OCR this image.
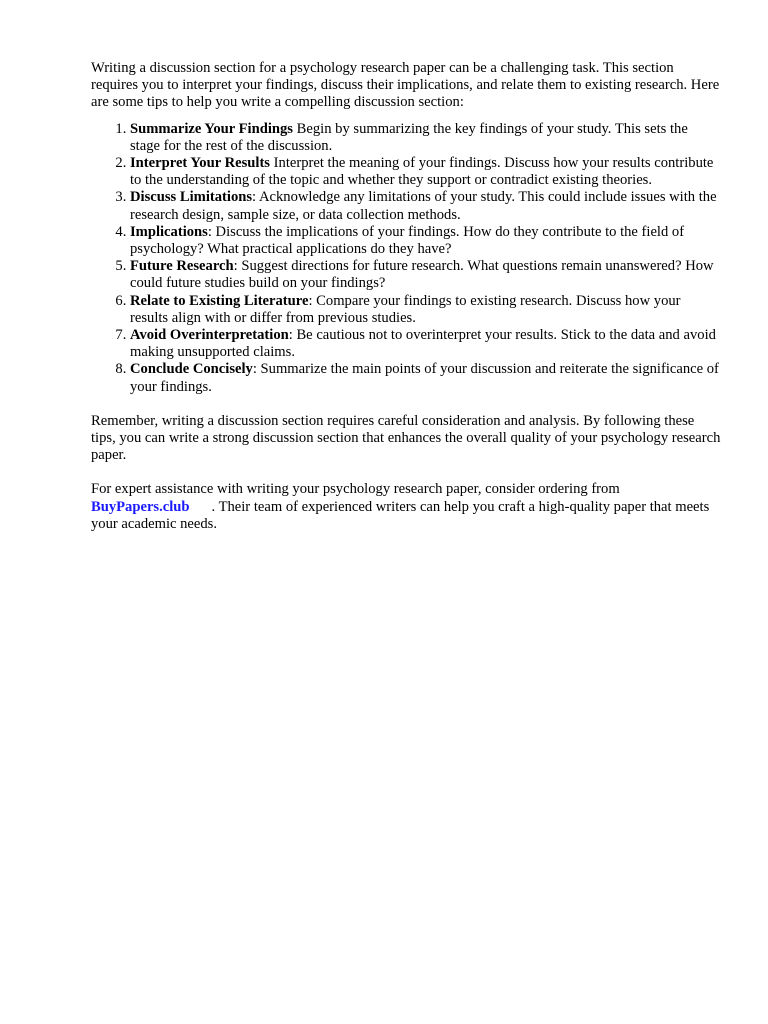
Writing a discussion section for a psychology research paper can be a challenging task. This section requires you to interpret your findings, discuss their implications, and relate them to existing research. Here are some tips to help you write a compelling discussion section:

1. Summarize Your Findings Begin by summarizing the key findings of your study. This sets the stage for the rest of the discussion.
2. Interpret Your Results Interpret the meaning of your findings. Discuss how your results contribute to the understanding of the topic and whether they support or contradict existing theories.
3. Discuss Limitations: Acknowledge any limitations of your study. This could include issues with the research design, sample size, or data collection methods.
4. Implications: Discuss the implications of your findings. How do they contribute to the field of psychology? What practical applications do they have?
5. Future Research: Suggest directions for future research. What questions remain unanswered? How could future studies build on your findings?
6. Relate to Existing Literature: Compare your findings to existing research. Discuss how your results align with or differ from previous studies.
7. Avoid Overinterpretation: Be cautious not to overinterpret your results. Stick to the data and avoid making unsupported claims.
8. Conclude Concisely: Summarize the main points of your discussion and reiterate the significance of your findings.

Remember, writing a discussion section requires careful consideration and analysis. By following these tips, you can write a strong discussion section that enhances the overall quality of your psychology research paper.

For expert assistance with writing your psychology research paper, consider ordering from
BuyPapers.club . Their team of experienced writers can help you craft a high-quality paper that meets your academic needs.
